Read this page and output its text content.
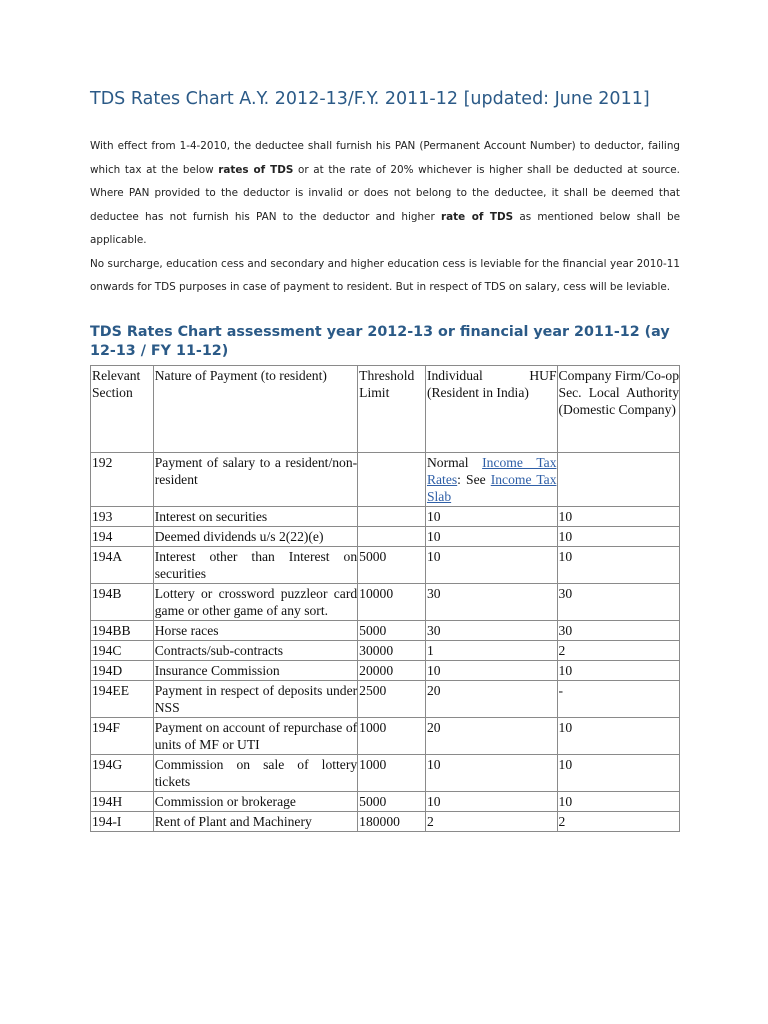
TDS Rates Chart A.Y. 2012-13/F.Y. 2011-12 [updated: June 2011]

With effect from 1-4-2010, the deductee shall furnish his PAN (Permanent Account Number) to deductor, failing which tax at the below rates of TDS or at the rate of 20% whichever is higher shall be deducted at source. Where PAN provided to the deductor is invalid or does not belong to the deductee, it shall be deemed that deductee has not furnish his PAN to the deductor and higher rate of TDS as mentioned below shall be applicable.

No surcharge, education cess and secondary and higher education cess is leviable for the financial year 2010-11 onwards for TDS purposes in case of payment to resident. But in respect of TDS on salary, cess will be leviable.

TDS Rates Chart assessment year 2012-13 or financial year 2011-12 (ay 12-13 / FY 11-12)
Relevant Section	Nature of Payment (to resident)	Threshold Limit	Individual HUF (Resident in India)	Company Firm/Co-op Sec. Local Authority (Domestic Company)
192	Payment of salary to a resident/non-resident		Normal Income Tax Rates: See Income Tax Slab	
193	Interest on securities		10	10
194	Deemed dividends u/s 2(22)(e)		10	10
194A	Interest other than Interest on securities	5000	10	10
194B	Lottery or crossword puzzleor card game or other game of any sort.	10000	30	30
194BB	Horse races	5000	30	30
194C	Contracts/sub-contracts	30000	1	2
194D	Insurance Commission	20000	10	10
194EE	Payment in respect of deposits under NSS	2500	20	-
194F	Payment on account of repurchase of units of MF or UTI	1000	20	10
194G	Commission on sale of lottery tickets	1000	10	10
194H	Commission or brokerage	5000	10	10
194-I	Rent of Plant and Machinery	180000	2	2
